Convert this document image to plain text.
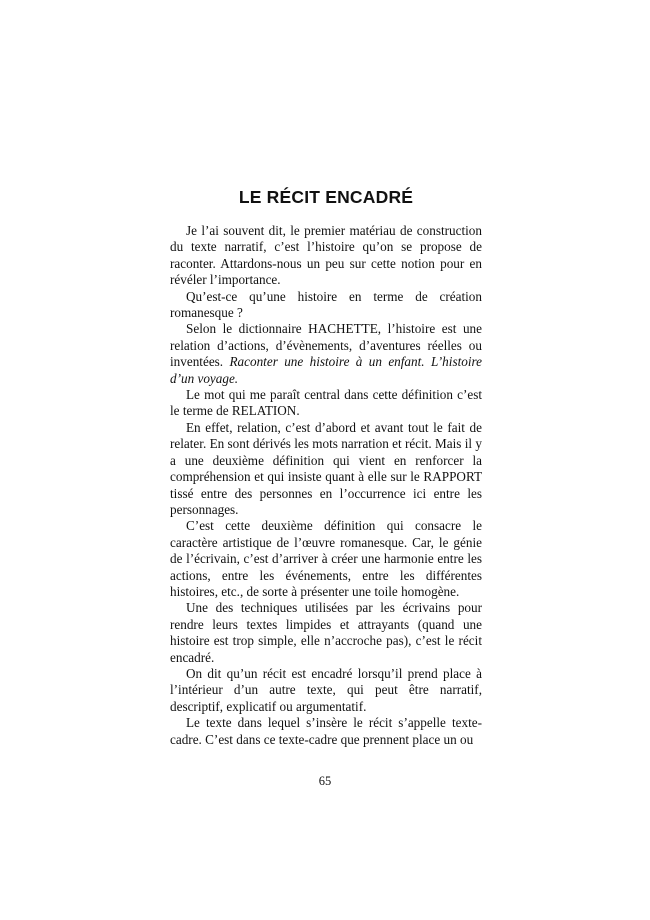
LE RÉCIT ENCADRÉ

Je l’ai souvent dit, le premier matériau de construction du texte narratif, c’est l’histoire qu’on se propose de raconter. Attardons-nous un peu sur cette notion pour en révéler l’importance.

Qu’est-ce qu’une histoire en terme de création romanesque ?

Selon le dictionnaire HACHETTE, l’histoire est une relation d’actions, d’évènements, d’aventures réelles ou inventées. Raconter une histoire à un enfant. L’histoire d’un voyage.

Le mot qui me paraît central dans cette définition c’est le terme de RELATION.

En effet, relation, c’est d’abord et avant tout le fait de relater. En sont dérivés les mots narration et récit. Mais il y a une deuxième définition qui vient en renforcer la compréhension et qui insiste quant à elle sur le RAPPORT tissé entre des personnes en l’occurrence ici entre les personnages.

C’est cette deuxième définition qui consacre le caractère artistique de l’œuvre romanesque. Car, le génie de l’écrivain, c’est d’arriver à créer une harmonie entre les actions, entre les événements, entre les différentes histoires, etc., de sorte à présenter une toile homogène.

Une des techniques utilisées par les écrivains pour rendre leurs textes limpides et attrayants (quand une histoire est trop simple, elle n’accroche pas), c’est le récit encadré.

On dit qu’un récit est encadré lorsqu’il prend place à l’intérieur d’un autre texte, qui peut être narratif, descriptif, explicatif ou argumentatif.

Le texte dans lequel s’insère le récit s’appelle texte-cadre. C’est dans ce texte-cadre que prennent place un ou

65
